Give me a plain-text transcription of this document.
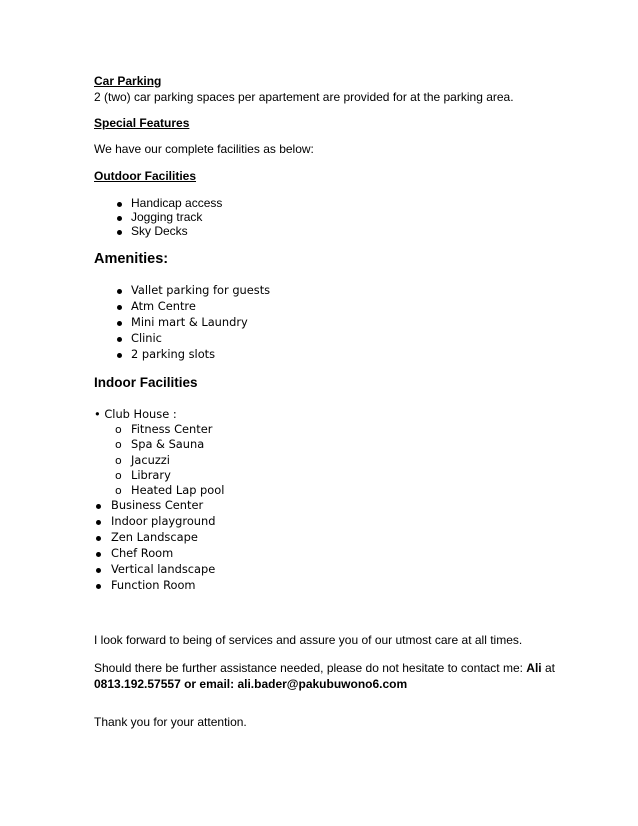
Car Parking

2 (two) car parking spaces per apartement are provided for at the parking area.

Special Features

We have our complete facilities as below:

Outdoor Facilities

Handicap access
Jogging track
Sky Decks

Amenities:

Vallet parking for guests
Atm Centre
Mini mart & Laundry
Clinic
2 parking slots

Indoor Facilities

• Club House :

o Fitness Center
o Spa & Sauna
o Jacuzzi
o Library
o Heated Lap pool
Business Center
Indoor playground
Zen Landscape
Chef Room
Vertical landscape
Function Room

I look forward to being of services and assure you of our utmost care at all times.

Should there be further assistance needed, please do not hesitate to contact me: Ali at

0813.192.57557 or email: ali.bader@pakubuwono6.com

Thank you for your attention.
